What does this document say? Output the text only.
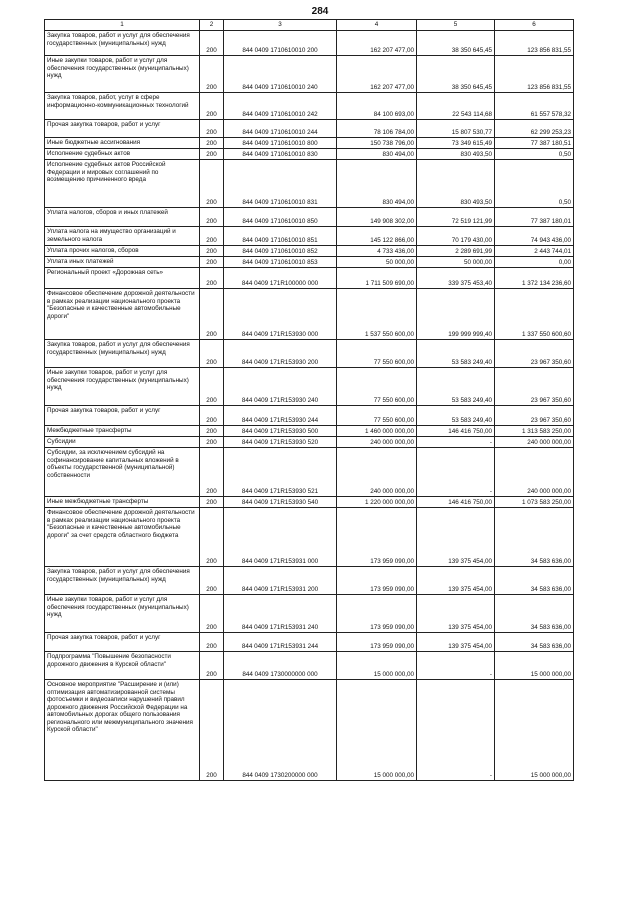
284
1	2	3	4	5	6
Закупка товаров, работ и услуг для обеспечения государственных (муниципальных) нужд	200	844 0409 1710610010 200	162 207 477,00	38 350 645,45	123 856 831,55
Иные закупки товаров, работ и услуг для обеспечения государственных (муниципальных) нужд	200	844 0409 1710610010 240	162 207 477,00	38 350 645,45	123 856 831,55
Закупка товаров, работ, услуг в сфере информационно-коммуникационных технологий	200	844 0409 1710610010 242	84 100 693,00	22 543 114,68	61 557 578,32
Прочая закупка товаров, работ и услуг	200	844 0409 1710610010 244	78 106 784,00	15 807 530,77	62 299 253,23
Иные бюджетные ассигнования	200	844 0409 1710610010 800	150 738 796,00	73 349 615,49	77 387 180,51
Исполнение судебных актов	200	844 0409 1710610010 830	830 494,00	830 493,50	0,50
Исполнение судебных актов Российской Федерации и мировых соглашений по возмещению причиненного вреда	200	844 0409 1710610010 831	830 494,00	830 493,50	0,50
Уплата налогов, сборов и иных платежей	200	844 0409 1710610010 850	149 908 302,00	72 519 121,99	77 387 180,01
Уплата налога на имущество организаций и земельного налога	200	844 0409 1710610010 851	145 122 866,00	70 179 430,00	74 943 436,00
Уплата прочих налогов, сборов	200	844 0409 1710610010 852	4 733 436,00	2 289 691,99	2 443 744,01
Уплата иных платежей	200	844 0409 1710610010 853	50 000,00	50 000,00	0,00
Региональный проект «Дорожная сеть»	200	844 0409 171R100000 000	1 711 509 690,00	339 375 453,40	1 372 134 236,60
Финансовое обеспечение дорожной деятельности в рамках реализации национального проекта "Безопасные и качественные автомобильные дороги"	200	844 0409 171R153930 000	1 537 550 600,00	199 999 999,40	1 337 550 600,60
Закупка товаров, работ и услуг для обеспечения государственных (муниципальных) нужд	200	844 0409 171R153930 200	77 550 600,00	53 583 249,40	23 967 350,60
Иные закупки товаров, работ и услуг для обеспечения государственных (муниципальных) нужд	200	844 0409 171R153930 240	77 550 600,00	53 583 249,40	23 967 350,60
Прочая закупка товаров, работ и услуг	200	844 0409 171R153930 244	77 550 600,00	53 583 249,40	23 967 350,60
Межбюджетные трансферты	200	844 0409 171R153930 500	1 460 000 000,00	146 416 750,00	1 313 583 250,00
Субсидии	200	844 0409 171R153930 520	240 000 000,00	-	240 000 000,00
Субсидии, за исключением субсидий на софинансирование капитальных вложений в объекты государственной (муниципальной) собственности	200	844 0409 171R153930 521	240 000 000,00	-	240 000 000,00
Иные межбюджетные трансферты	200	844 0409 171R153930 540	1 220 000 000,00	146 416 750,00	1 073 583 250,00
Финансовое обеспечение дорожной деятельности в рамках реализации национального проекта "Безопасные и качественные автомобильные дороги" за счет средств областного бюджета	200	844 0409 171R153931 000	173 959 090,00	139 375 454,00	34 583 636,00
Закупка товаров, работ и услуг для обеспечения государственных (муниципальных) нужд	200	844 0409 171R153931 200	173 959 090,00	139 375 454,00	34 583 636,00
Иные закупки товаров, работ и услуг для обеспечения государственных (муниципальных) нужд	200	844 0409 171R153931 240	173 959 090,00	139 375 454,00	34 583 636,00
Прочая закупка товаров, работ и услуг	200	844 0409 171R153931 244	173 959 090,00	139 375 454,00	34 583 636,00
Подпрограмма "Повышение безопасности дорожного движения в Курской области"	200	844 0409 1730000000 000	15 000 000,00	-	15 000 000,00
Основное мероприятие "Расширение и (или) оптимизация автоматизированной системы фотосъемки и видеозаписи нарушений правил дорожного движения Российской Федерации на автомобильных дорогах общего пользования регионального или межмуниципального значения Курской области"	200	844 0409 1730200000 000	15 000 000,00	-	15 000 000,00
